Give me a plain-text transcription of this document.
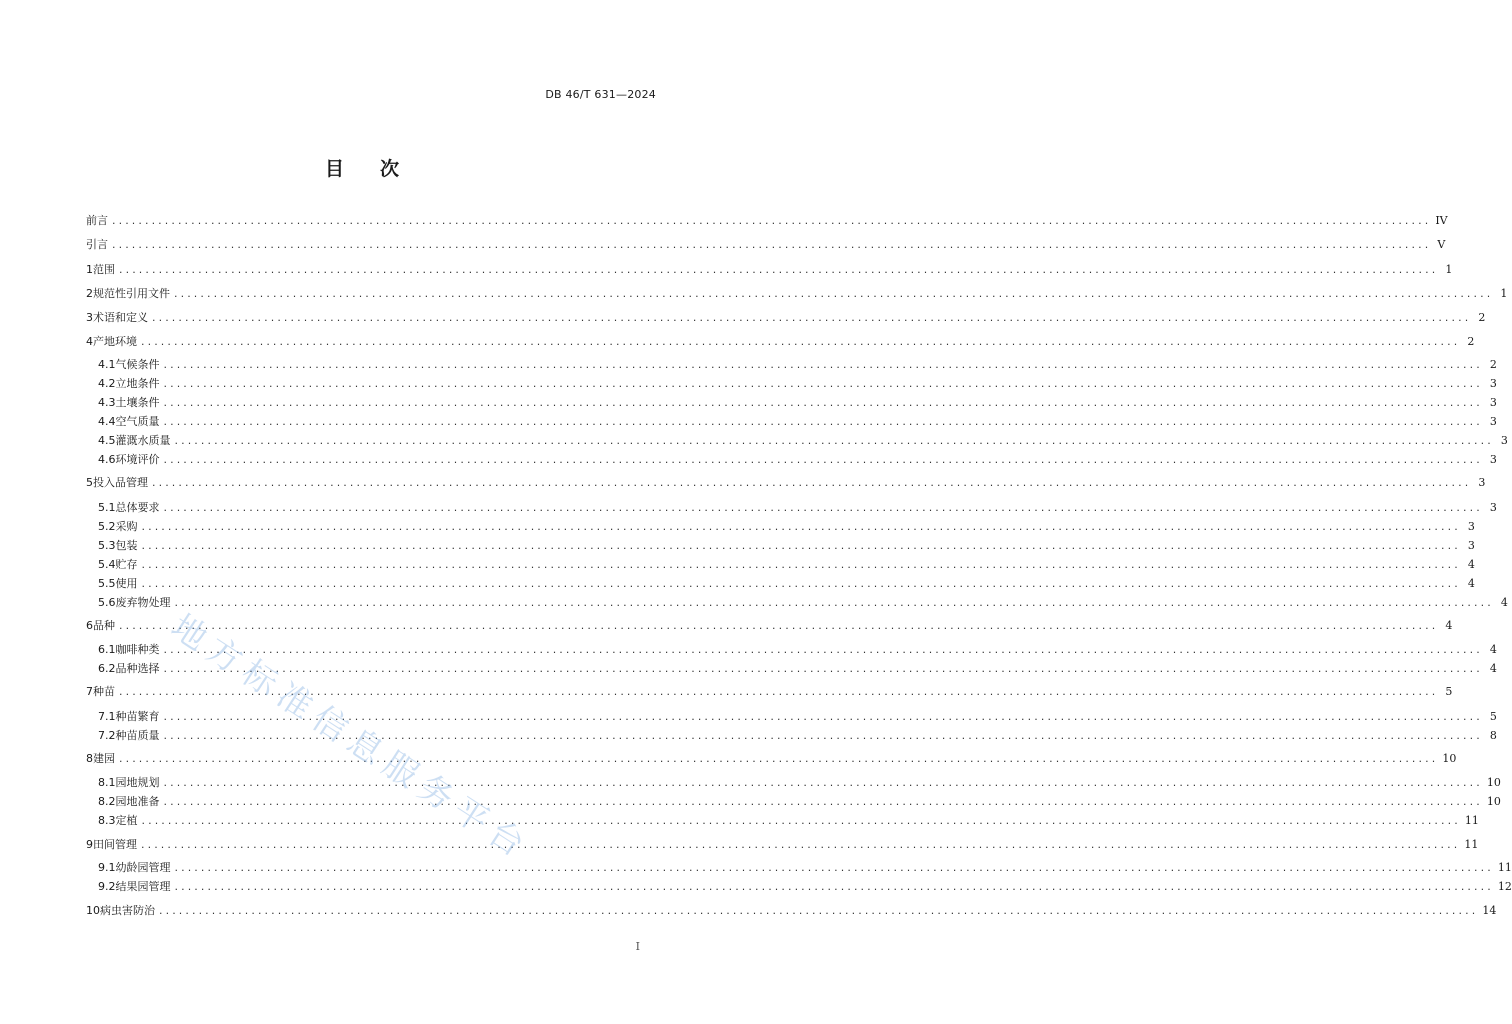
DB 46/T 631—2024
目 次
前言 ........................................................................................................................................................................................................ IV
引言 ........................................................................................................................................................................................................ V
1 范围 ........................................................................................................................................................................................................ 1
2 规范性引用文件 ........................................................................................................................................................................................................ 1
3 术语和定义 ........................................................................................................................................................................................................ 2
4 产地环境 ........................................................................................................................................................................................................ 2
4.1 气候条件 ........................................................................................................................................................................................................ 2
4.2 立地条件 ........................................................................................................................................................................................................ 3
4.3 土壤条件 ........................................................................................................................................................................................................ 3
4.4 空气质量 ........................................................................................................................................................................................................ 3
4.5 灌溉水质量 ........................................................................................................................................................................................................ 3
4.6 环境评价 ........................................................................................................................................................................................................ 3
5 投入品管理 ........................................................................................................................................................................................................ 3
5.1 总体要求 ........................................................................................................................................................................................................ 3
5.2 采购 ........................................................................................................................................................................................................ 3
5.3 包装 ........................................................................................................................................................................................................ 3
5.4 贮存 ........................................................................................................................................................................................................ 4
5.5 使用 ........................................................................................................................................................................................................ 4
5.6 废弃物处理 ........................................................................................................................................................................................................ 4
6 品种 ........................................................................................................................................................................................................ 4
6.1 咖啡种类 ........................................................................................................................................................................................................ 4
6.2 品种选择 ........................................................................................................................................................................................................ 4
7 种苗 ........................................................................................................................................................................................................ 5
7.1 种苗繁育 ........................................................................................................................................................................................................ 5
7.2 种苗质量 ........................................................................................................................................................................................................ 8
8 建园 ........................................................................................................................................................................................................ 10
8.1 园地规划 ........................................................................................................................................................................................................ 10
8.2 园地准备 ........................................................................................................................................................................................................ 10
8.3 定植 ........................................................................................................................................................................................................ 11
9 田间管理 ........................................................................................................................................................................................................ 11
9.1 幼龄园管理 ........................................................................................................................................................................................................ 11
9.2 结果园管理 ........................................................................................................................................................................................................ 12
10 病虫害防治 ........................................................................................................................................................................................................ 14
I
地方标准信息服务平台
